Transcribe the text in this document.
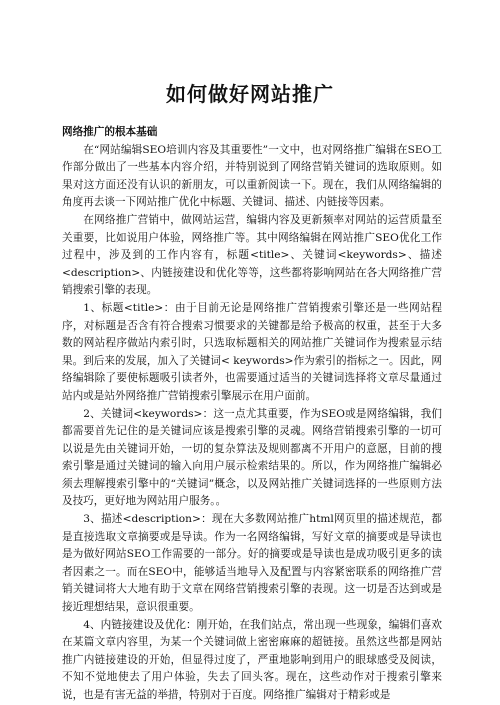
如何做好网站推广

网络推广的根本基础

在“网站编辑SEO培训内容及其重要性”一文中，也对网络推广编辑在SEO工作部分做出了一些基本内容介绍，并特别说到了网络营销关键词的选取原则。如果对这方面还没有认识的新朋友，可以重新阅读一下。现在，我们从网络编辑的角度再去谈一下网站推广优化中标题、关键词、描述、内链接等因素。

在网络推广营销中，做网站运营，编辑内容及更新频率对网站的运营质量至关重要，比如说用户体验，网络推广等。其中网络编辑在网站推广SEO优化工作过程中，涉及到的工作内容有，标题<title>、关键词<keywords>、描述<description>、内链接建设和优化等等，这些都将影响网站在各大网络推广营销搜索引擎的表现。

1、标题<title>：由于目前无论是网络推广营销搜索引擎还是一些网站程序，对标题是否含有符合搜索习惯要求的关键都是给予极高的权重，甚至于大多数的网站程序做站内索引时，只选取标题相关的网站推广关键词作为搜索显示结果。到后来的发展，加入了关键词< keywords>作为索引的指标之一。因此，网络编辑除了要使标题吸引读者外，也需要通过适当的关键词选择将文章尽量通过站内或是站外网络推广营销搜索引擎展示在用户面前。

2、关键词<keywords>：这一点尤其重要，作为SEO或是网络编辑，我们都需要首先记住的是关键词应该是搜索引擎的灵魂。网络营销搜索引擎的一切可以说是先由关键词开始，一切的复杂算法及规则都离不开用户的意愿，目前的搜索引擎是通过关键词的输入向用户展示检索结果的。所以，作为网络推广编辑必须去理解搜索引擎中的“关键词”概念，以及网站推广关键词选择的一些原则方法及技巧，更好地为网站用户服务。。

3、描述<description>：现在大多数网站推广html网页里的描述规范，都是直接选取文章摘要或是导读。作为一名网络编辑，写好文章的摘要或是导读也是为做好网站SEO工作需要的一部分。好的摘要或是导读也是成功吸引更多的读者因素之一。而在SEO中，能够适当地导入及配置与内容紧密联系的网络推广营销关键词将大大地有助于文章在网络营销搜索引擎的表现。这一切是否达到或是接近理想结果，意识很重要。

4、内链接建设及优化：刚开始，在我们站点，常出现一些现象，编辑们喜欢在某篇文章内容里，为某一个关键词做上密密麻麻的超链接。虽然这些都是网站推广内链接建设的开始，但显得过度了，严重地影响到用户的眼球感受及阅读，不知不觉地使去了用户体验，失去了回头客。现在，这些动作对于搜索引擎来说，也是有害无益的举措，特别对于百度。网络推广编辑对于精彩或是
